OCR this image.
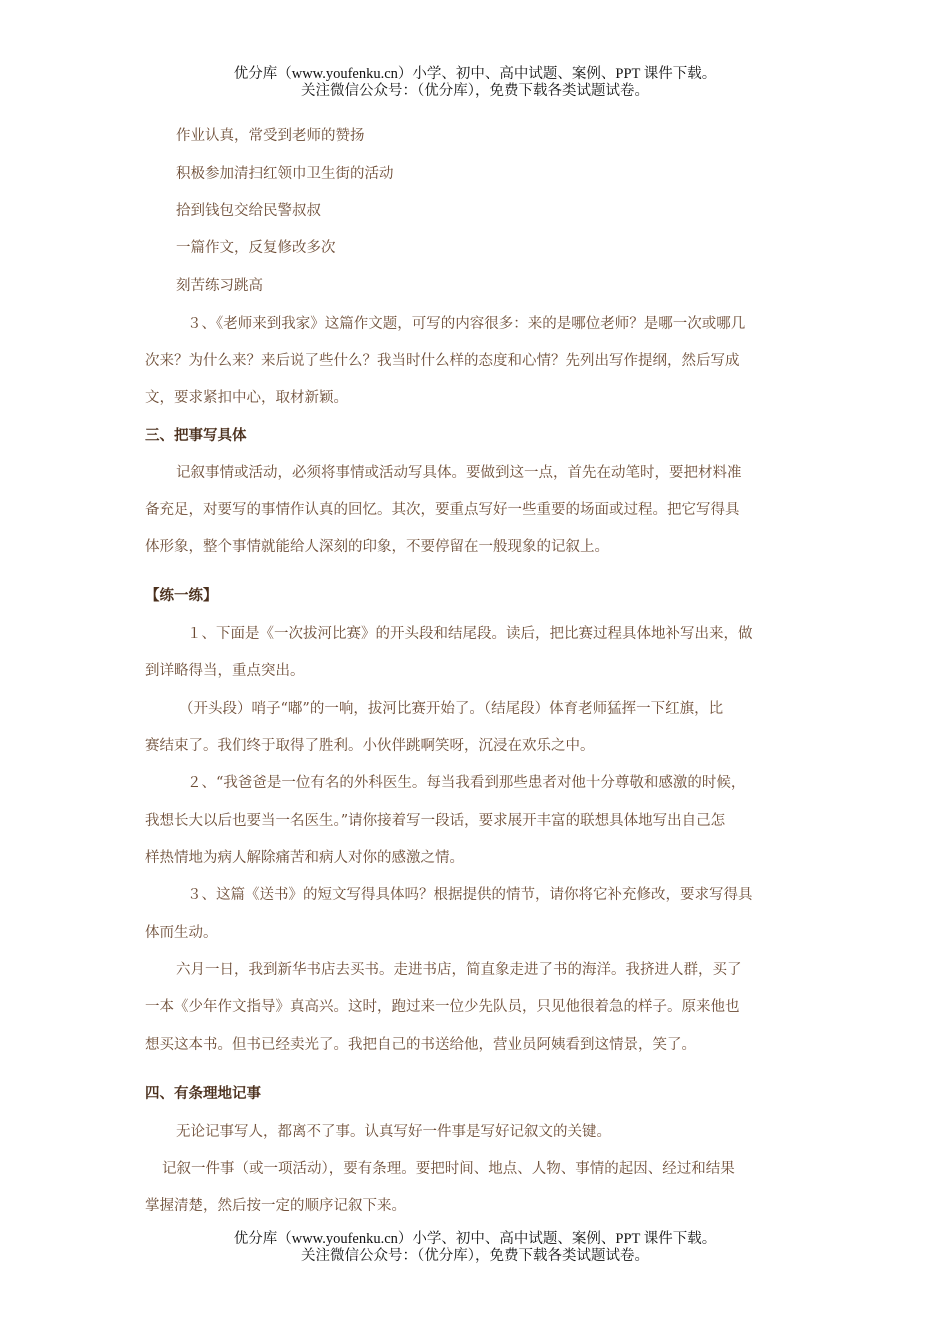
优分库（www.youfenku.cn）小学、初中、高中试题、案例、PPT 课件下载。
关注微信公众号：（优分库），免费下载各类试题试卷。

作业认真，常受到老师的赞扬

积极参加清扫红领巾卫生街的活动

拾到钱包交给民警叔叔

一篇作文，反复修改多次

刻苦练习跳高

３、《老师来到我家》这篇作文题，可写的内容很多：来的是哪位老师？是哪一次或哪几

次来？为什么来？来后说了些什么？我当时什么样的态度和心情？先列出写作提纲，然后写成

文，要求紧扣中心，取材新颖。

三、把事写具体

记叙事情或活动，必须将事情或活动写具体。要做到这一点，首先在动笔时，要把材料准

备充足，对要写的事情作认真的回忆。其次，要重点写好一些重要的场面或过程。把它写得具

体形象，整个事情就能给人深刻的印象，不要停留在一般现象的记叙上。

【练一练】

１、下面是《一次拔河比赛》的开头段和结尾段。读后，把比赛过程具体地补写出来，做

到详略得当，重点突出。

（开头段）哨子“嘟”的一响，拔河比赛开始了。（结尾段）体育老师猛挥一下红旗，比

赛结束了。我们终于取得了胜利。小伙伴跳啊笑呀，沉浸在欢乐之中。

２、“我爸爸是一位有名的外科医生。每当我看到那些患者对他十分尊敬和感激的时候，

我想长大以后也要当一名医生。”请你接着写一段话，要求展开丰富的联想具体地写出自己怎

样热情地为病人解除痛苦和病人对你的感激之情。

３、这篇《送书》的短文写得具体吗？根据提供的情节，请你将它补充修改，要求写得具

体而生动。

六月一日，我到新华书店去买书。走进书店，简直象走进了书的海洋。我挤进人群，买了

一本《少年作文指导》真高兴。这时，跑过来一位少先队员，只见他很着急的样子。原来他也

想买这本书。但书已经卖光了。我把自己的书送给他，营业员阿姨看到这情景，笑了。

四、有条理地记事

无论记事写人，都离不了事。认真写好一件事是写好记叙文的关键。

记叙一件事（或一项活动），要有条理。要把时间、地点、人物、事情的起因、经过和结果

掌握清楚，然后按一定的顺序记叙下来。

优分库（www.youfenku.cn）小学、初中、高中试题、案例、PPT 课件下载。
关注微信公众号：（优分库），免费下载各类试题试卷。
